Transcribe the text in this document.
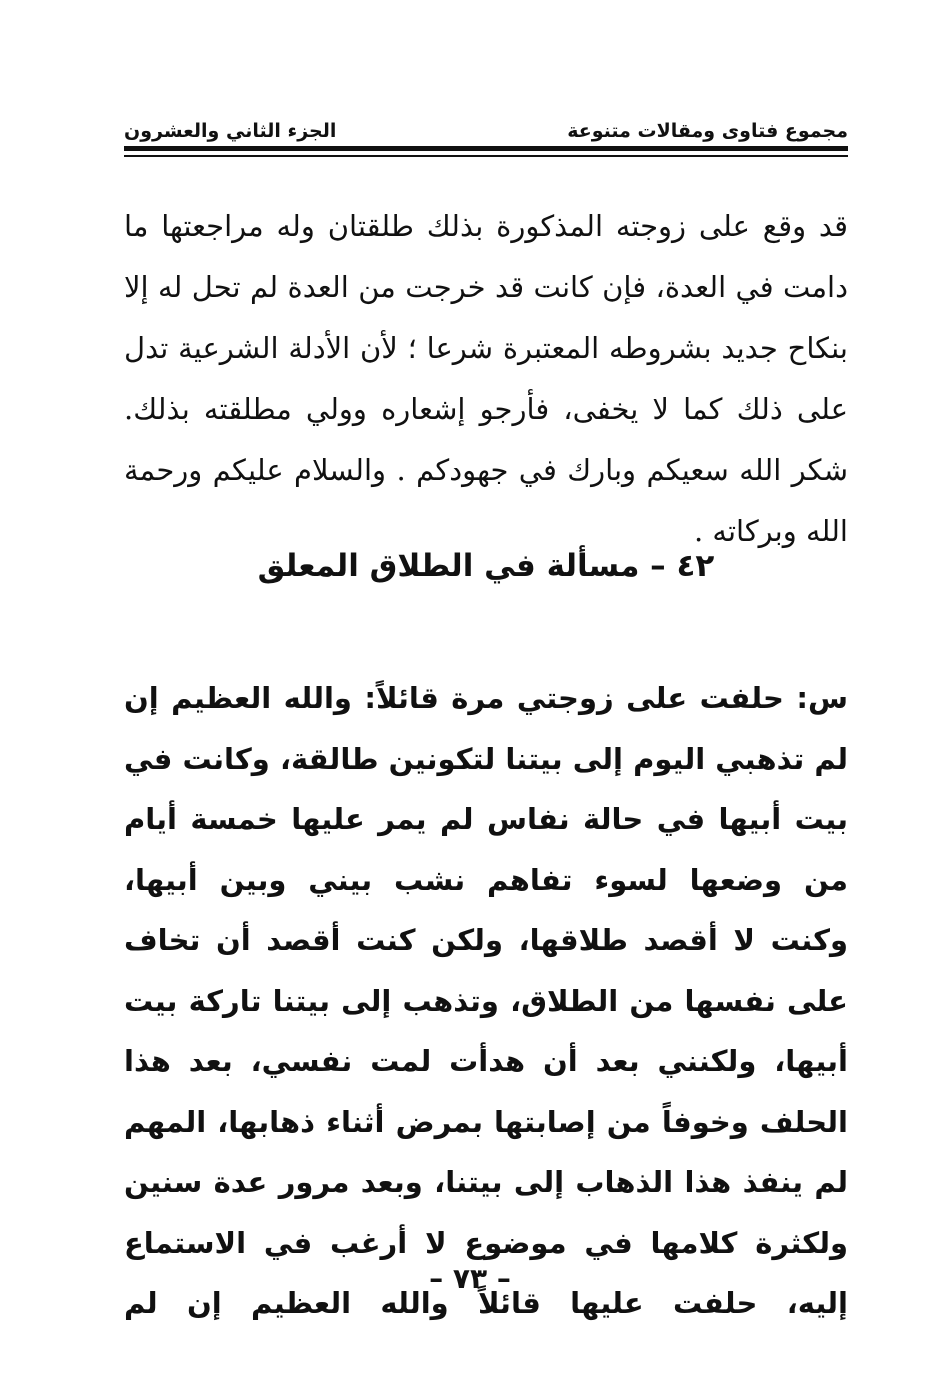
مجموع فتاوى ومقالات متنوعة
الجزء الثاني والعشرون

قد وقع على زوجته المذكورة بذلك طلقتان وله مراجعتها ما دامت في العدة، فإن كانت قد خرجت من العدة لم تحل له إلا بنكاح جديد بشروطه المعتبرة شرعا ؛ لأن الأدلة الشرعية تدل على ذلك كما لا يخفى، فأرجو إشعاره وولي مطلقته بذلك. شكر الله سعيكم وبارك في جهودكم . والسلام عليكم ورحمة الله وبركاته .

٤٢ – مسألة في الطلاق المعلق

س: حلفت على زوجتي مرة قائلاً: والله العظيم إن لم تذهبي اليوم إلى بيتنا لتكونين طالقة، وكانت في بيت أبيها في حالة نفاس لم يمر عليها خمسة أيام من وضعها لسوء تفاهم نشب بيني وبين أبيها، وكنت لا أقصد طلاقها، ولكن كنت أقصد أن تخاف على نفسها من الطلاق، وتذهب إلى بيتنا تاركة بيت أبيها، ولكنني بعد أن هدأت لمت نفسي، بعد هذا الحلف وخوفاً من إصابتها بمرض أثناء ذهابها، المهم لم ينفذ هذا الذهاب إلى بيتنا، وبعد مرور عدة سنين ولكثرة كلامها في موضوع لا أرغب في الاستماع إليه، حلفت عليها قائلاً والله العظيم إن لم

– ٧٣ –
